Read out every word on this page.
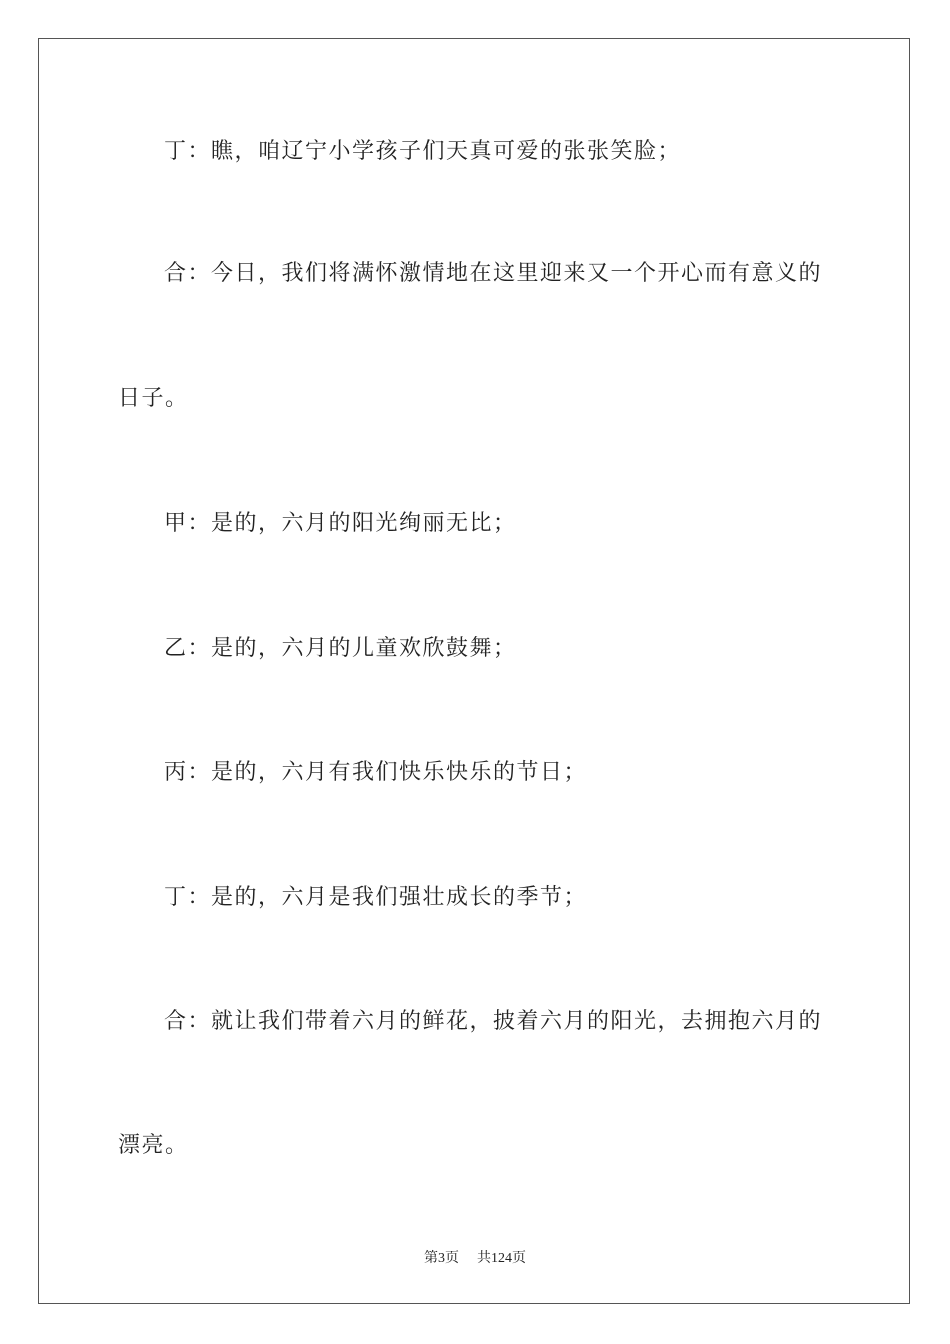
丁：瞧，咱辽宁小学孩子们天真可爱的张张笑脸；
合：今日，我们将满怀激情地在这里迎来又一个开心而有意义的
日子。
甲：是的，六月的阳光绚丽无比；
乙：是的，六月的儿童欢欣鼓舞；
丙：是的，六月有我们快乐快乐的节日；
丁：是的，六月是我们强壮成长的季节；
合：就让我们带着六月的鲜花，披着六月的阳光，去拥抱六月的
漂亮。
第3页 共124页
